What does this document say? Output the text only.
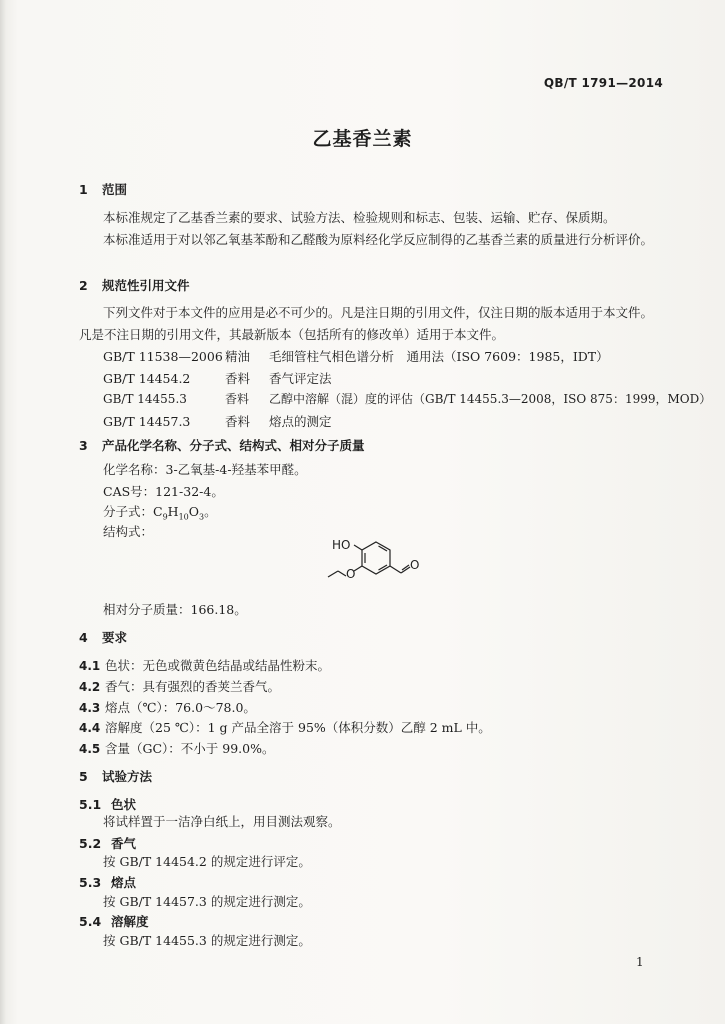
QB/T 1791—2014
乙基香兰素
1 范围
本标准规定了乙基香兰素的要求、试验方法、检验规则和标志、包装、运输、贮存、保质期。
本标准适用于对以邻乙氧基苯酚和乙醛酸为原料经化学反应制得的乙基香兰素的质量进行分析评价。
2 规范性引用文件
下列文件对于本文件的应用是必不可少的。凡是注日期的引用文件，仅注日期的版本适用于本文件。
凡是不注日期的引用文件，其最新版本（包括所有的修改单）适用于本文件。
GB/T 11538—2006 精油 毛细管柱气相色谱分析　通用法（ISO 7609：1985，IDT）
GB/T 14454.2	香料 香气评定法
GB/T 14455.3	香料 乙醇中溶解（混）度的评估（GB/T 14455.3—2008，ISO 875：1999，MOD）
GB/T 14457.3	香料 熔点的测定
3 产品化学名称、分子式、结构式、相对分子质量
化学名称：3-乙氧基-4-羟基苯甲醛。
CAS号：121-32-4。
分子式：$C_9H_{10}O_3$。
结构式：
HO
O
O
相对分子质量：166.18。
4 要求
4.1 色状：无色或微黄色结晶或结晶性粉末。
4.2 香气：具有强烈的香荚兰香气。
4.3 熔点（℃）：76.0～78.0。
4.4 溶解度（25 ℃）：1 g 产品全溶于 95%（体积分数）乙醇 2 mL 中。
4.5 含量（GC）：不小于 99.0%。
5 试验方法
5.1 色状
将试样置于一洁净白纸上，用目测法观察。
5.2 香气
按 GB/T 14454.2 的规定进行评定。
5.3 熔点
按 GB/T 14457.3 的规定进行测定。
5.4 溶解度
按 GB/T 14455.3 的规定进行测定。
1
